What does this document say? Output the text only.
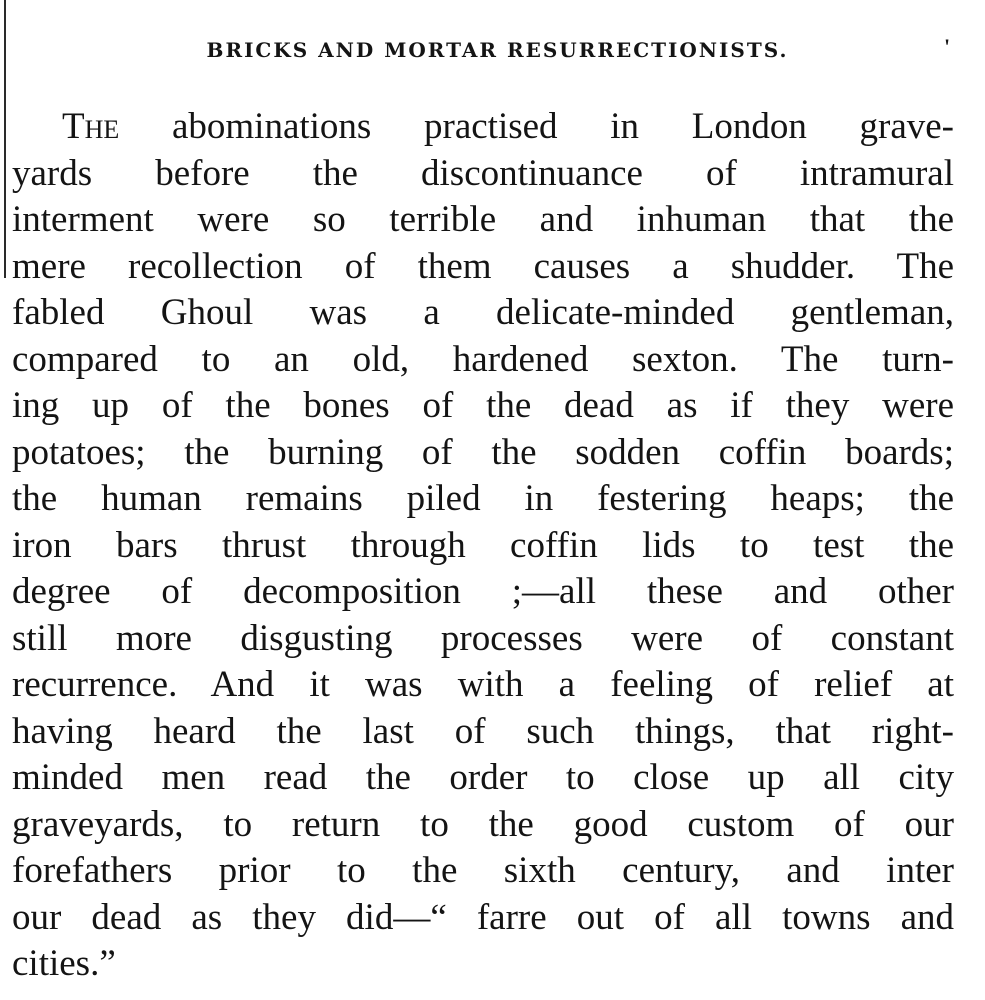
BRICKS AND MORTAR RESURRECTIONISTS.	'
The abominations practised in London grave-
yards before the discontinuance of intramural
interment were so terrible and inhuman that the
mere recollection of them causes a shudder. The
fabled Ghoul was a delicate-minded gentleman,
compared to an old, hardened sexton. The turn-
ing up of the bones of the dead as if they were
potatoes; the burning of the sodden coffin boards;
the human remains piled in festering heaps; the
iron bars thrust through coffin lids to test the
degree of decomposition ;—all these and other
still more disgusting processes were of constant
recurrence. And it was with a feeling of relief at
having heard the last of such things, that right-
minded men read the order to close up all city
graveyards, to return to the good custom of our
forefathers prior to the sixth century, and inter
our dead as they did—“ farre out of all towns and
cities.”
